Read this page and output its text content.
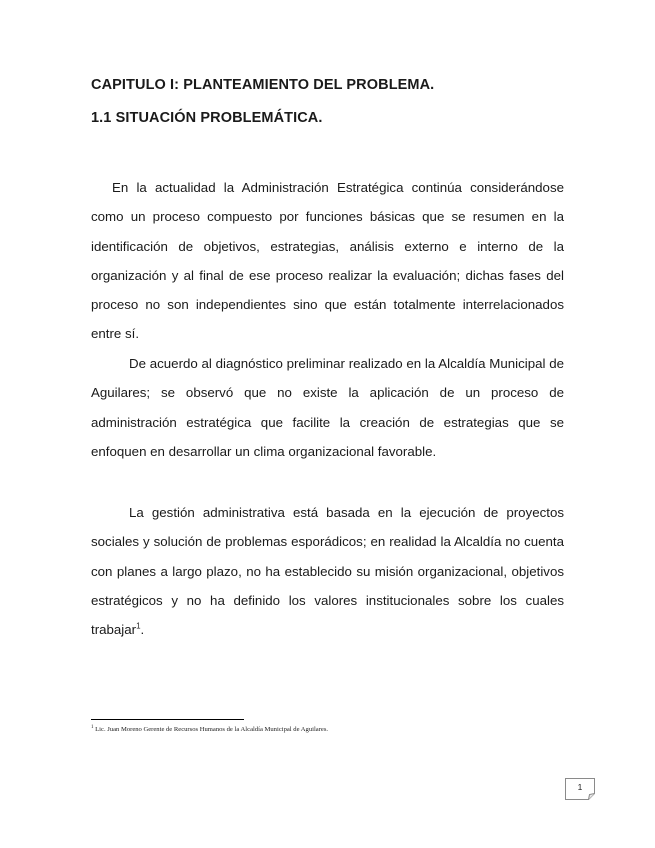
CAPITULO I: PLANTEAMIENTO DEL PROBLEMA.
1.1 SITUACIÓN PROBLEMÁTICA.
En la actualidad la Administración Estratégica continúa considerándose como un proceso compuesto por funciones básicas que se resumen en la identificación de objetivos, estrategias, análisis externo e interno de la organización y al final de ese proceso realizar la evaluación; dichas fases del proceso no son independientes sino que están totalmente interrelacionados entre sí.
De acuerdo al diagnóstico preliminar realizado en la Alcaldía Municipal de Aguilares; se observó que no existe la aplicación de un proceso de administración estratégica que facilite la creación de estrategias que se enfoquen en desarrollar un clima organizacional favorable.
La gestión administrativa está basada en la ejecución de proyectos sociales y solución de problemas esporádicos; en realidad la Alcaldía no cuenta con planes a largo plazo, no ha establecido su misión organizacional, objetivos estratégicos y no ha definido los valores institucionales sobre los cuales trabajar$^1$.
$^1$ Lic. Juan Moreno Gerente de Recursos Humanos de la Alcaldía Municipal de Aguilares.
1
